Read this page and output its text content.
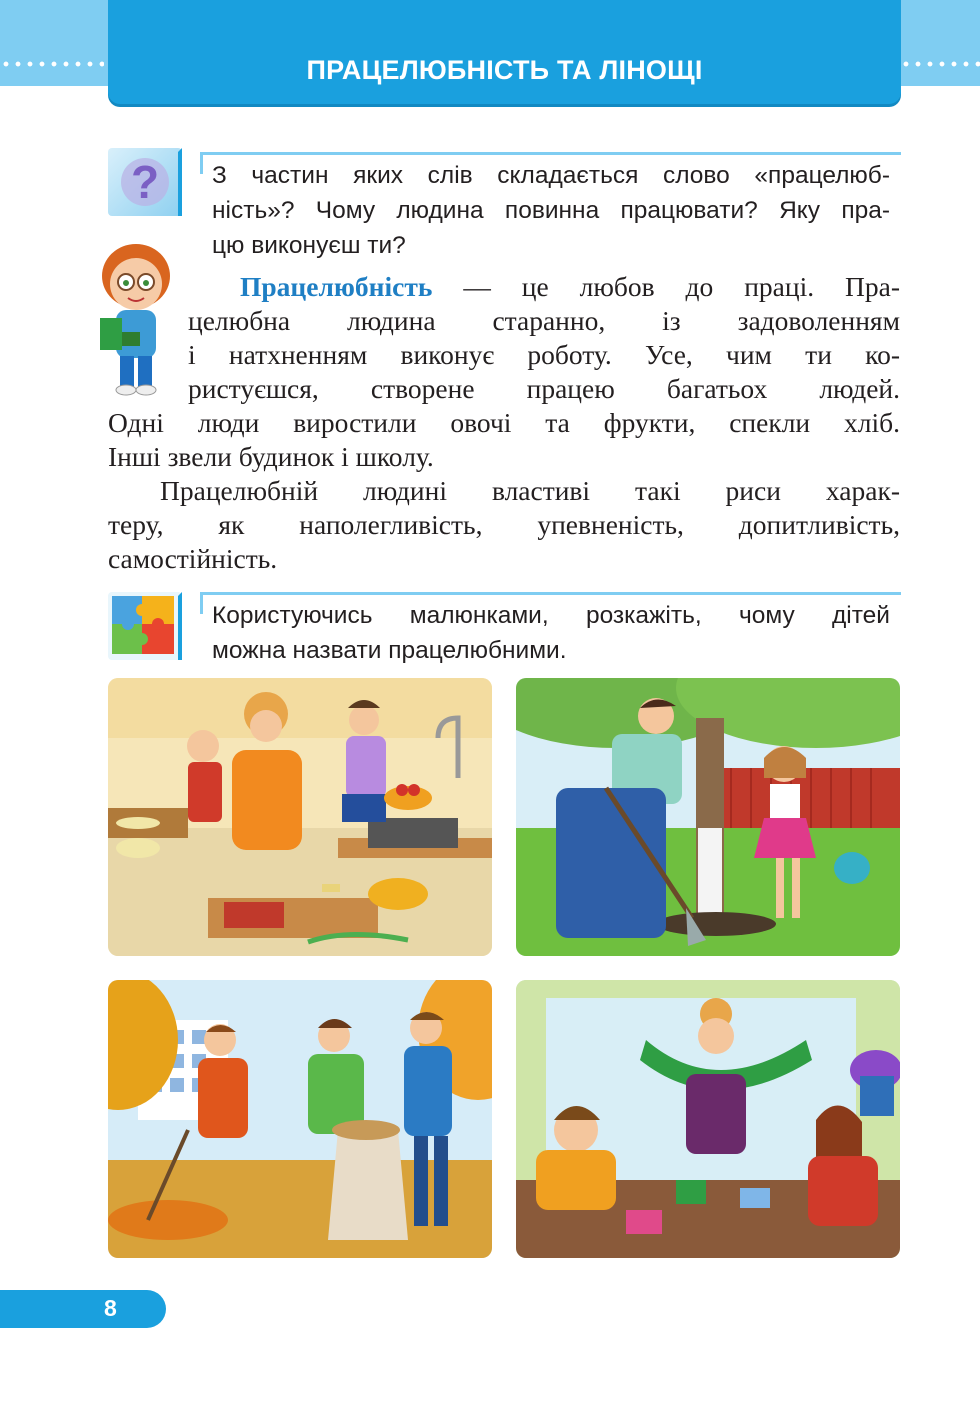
ПРАЦЕЛЮБНІСТЬ ТА ЛІНОЩІ
? З частин яких слів складається слово «працелюб-
ність»? Чому людина повинна працювати? Яку пра-
цю виконуєш ти?
Працелюбність — це любов до праці. Пра-
целюбна людина старанно, із задоволенням
і натхненням виконує роботу. Усе, чим ти ко-
ристуєшся, створене працею багатьох людей.
Одні люди виростили овочі та фрукти, спекли хліб.
Інші звели будинок і школу.
Працелюбній людині властиві такі риси харак-
теру, як наполегливість, упевненість, допитливість,
самостійність.
Користуючись малюнками, розкажіть, чому дітей
можна назвати працелюбними.
8
